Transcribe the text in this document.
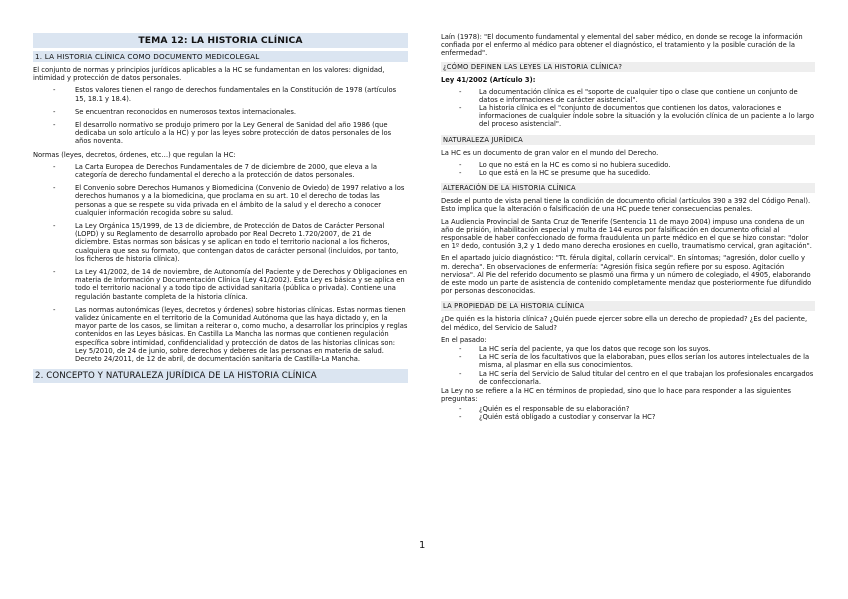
TEMA 12: LA HISTORIA CLÍNICA
1. LA HISTORIA CLÍNICA COMO DOCUMENTO MEDICOLEGAL

El conjunto de normas y principios jurídicos aplicables a la HC se fundamentan en los valores: dignidad, intimidad y protección de datos personales.

- Estos valores tienen el rango de derechos fundamentales en la Constitución de 1978 (artículos 15, 18.1 y 18.4).
- Se encuentran reconocidos en numerosos textos internacionales.
- El desarrollo normativo se produjo primero por la Ley General de Sanidad del año 1986 (que dedicaba un solo artículo a la HC) y por las leyes sobre protección de datos personales de los años noventa.

Normas (leyes, decretos, órdenes, etc…) que regulan la HC:

- La Carta Europea de Derechos Fundamentales de 7 de diciembre de 2000, que eleva a la categoría de derecho fundamental el derecho a la protección de datos personales.
- El Convenio sobre Derechos Humanos y Biomedicina (Convenio de Oviedo) de 1997 relativo a los derechos humanos y a la biomedicina, que proclama en su art. 10 el derecho de todas las personas a que se respete su vida privada en el ámbito de la salud y el derecho a conocer cualquier información recogida sobre su salud.
- La Ley Orgánica 15/1999, de 13 de diciembre, de Protección de Datos de Carácter Personal (LOPD) y su Reglamento de desarrollo aprobado por Real Decreto 1.720/2007, de 21 de diciembre. Estas normas son básicas y se aplican en todo el territorio nacional a los ficheros, cualquiera que sea su formato, que contengan datos de carácter personal (incluidos, por tanto, los ficheros de historia clínica).
- La Ley 41/2002, de 14 de noviembre, de Autonomía del Paciente y de Derechos y Obligaciones en materia de Información y Documentación Clínica (Ley 41/2002). Esta Ley es básica y se aplica en todo el territorio nacional y a todo tipo de actividad sanitaria (pública o privada). Contiene una regulación bastante completa de la historia clínica.
- Las normas autonómicas (leyes, decretos y órdenes) sobre historias clínicas. Estas normas tienen validez únicamente en el territorio de la Comunidad Autónoma que las haya dictado y, en la mayor parte de los casos, se limitan a reiterar o, como mucho, a desarrollar los principios y reglas contenidos en las Leyes básicas. En Castilla La Mancha las normas que contienen regulación específica sobre intimidad, confidencialidad y protección de datos de las historias clínicas son: Ley 5/2010, de 24 de junio, sobre derechos y deberes de las personas en materia de salud. Decreto 24/2011, de 12 de abril, de documentación sanitaria de Castilla-La Mancha.
2. CONCEPTO Y NATURALEZA JURÍDICA DE LA HISTORIA CLÍNICA

Laín (1978): "El documento fundamental y elemental del saber médico, en donde se recoge la información confiada por el enfermo al médico para obtener el diagnóstico, el tratamiento y la posible curación de la enfermedad".

¿CÓMO DEFINEN LAS LEYES LA HISTORIA CLÍNICA?
Ley 41/2002 (Artículo 3):
- La documentación clínica es el "soporte de cualquier tipo o clase que contiene un conjunto de datos e informaciones de carácter asistencial".
- La historia clínica es el "conjunto de documentos que contienen los datos, valoraciones e informaciones de cualquier índole sobre la situación y la evolución clínica de un paciente a lo largo del proceso asistencial".
NATURALEZA JURÍDICA

La HC es un documento de gran valor en el mundo del Derecho.

- Lo que no está en la HC es como si no hubiera sucedido.
- Lo que está en la HC se presume que ha sucedido.
ALTERACIÓN DE LA HISTORIA CLÍNICA

Desde el punto de vista penal tiene la condición de documento oficial (artículos 390 a 392 del Código Penal). Esto implica que la alteración o falsificación de una HC puede tener consecuencias penales.

La Audiencia Provincial de Santa Cruz de Tenerife (Sentencia 11 de mayo 2004) impuso una condena de un año de prisión, inhabilitación especial y multa de 144 euros por falsificación en documento oficial al responsable de haber confeccionado de forma fraudulenta un parte médico en el que se hizo constar: "dolor en 1º dedo, contusión 3,2 y 1 dedo mano derecha erosiones en cuello, traumatismo cervical, gran agitación".

En el apartado juicio diagnóstico: "Tt. férula digital, collarín cervical". En síntomas; "agresión, dolor cuello y m. derecha". En observaciones de enfermería: "Agresión física según refiere por su esposo. Agitación nerviosa". Al Pie del referido documento se plasmó una firma y un número de colegiado, el 4905, elaborando de este modo un parte de asistencia de contenido completamente mendaz que posteriormente fue difundido por personas desconocidas.

LA PROPIEDAD DE LA HISTORIA CLÍNICA

¿De quién es la historia clínica? ¿Quién puede ejercer sobre ella un derecho de propiedad? ¿Es del paciente, del médico, del Servicio de Salud?

En el pasado:

- La HC sería del paciente, ya que los datos que recoge son los suyos.
- La HC sería de los facultativos que la elaboraban, pues ellos serían los autores intelectuales de la misma, al plasmar en ella sus conocimientos.
- La HC sería del Servicio de Salud titular del centro en el que trabajan los profesionales encargados de confeccionarla.

La Ley no se refiere a la HC en términos de propiedad, sino que lo hace para responder a las siguientes preguntas:

- ¿Quién es el responsable de su elaboración?
- ¿Quién está obligado a custodiar y conservar la HC?
1
